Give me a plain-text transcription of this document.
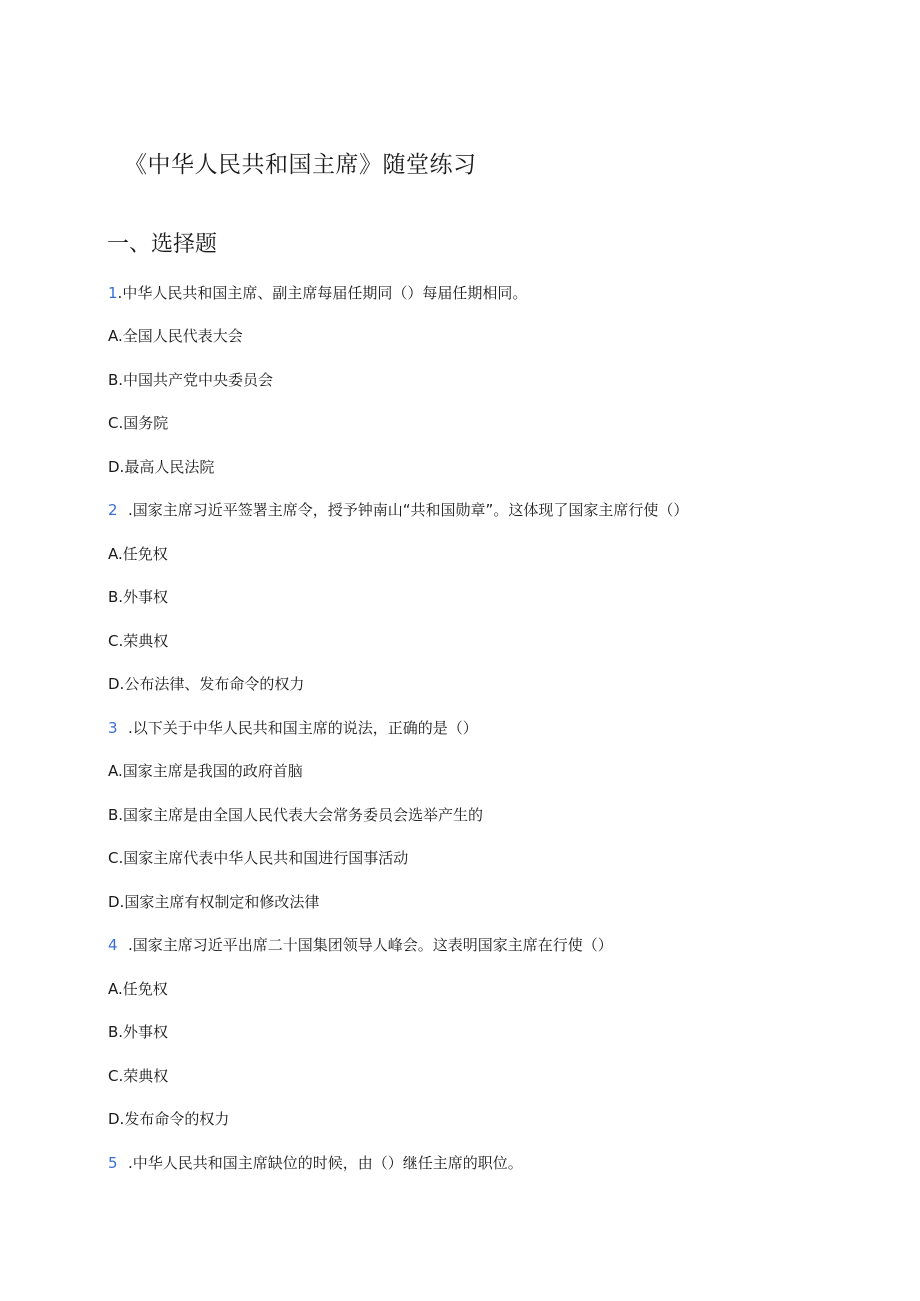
《中华人民共和国主席》随堂练习
一、选择题
1.中华人民共和国主席、副主席每届任期同（）每届任期相同。
A.全国人民代表大会
B.中国共产党中央委员会
C.国务院
D.最高人民法院
2 .国家主席习近平签署主席令，授予钟南山“共和国勋章”。这体现了国家主席行使（）
A.任免权
B.外事权
C.荣典权
D.公布法律、发布命令的权力
3 .以下关于中华人民共和国主席的说法，正确的是（）
A.国家主席是我国的政府首脑
B.国家主席是由全国人民代表大会常务委员会选举产生的
C.国家主席代表中华人民共和国进行国事活动
D.国家主席有权制定和修改法律
4 .国家主席习近平出席二十国集团领导人峰会。这表明国家主席在行使（）
A.任免权
B.外事权
C.荣典权
D.发布命令的权力
5 .中华人民共和国主席缺位的时候，由（）继任主席的职位。
